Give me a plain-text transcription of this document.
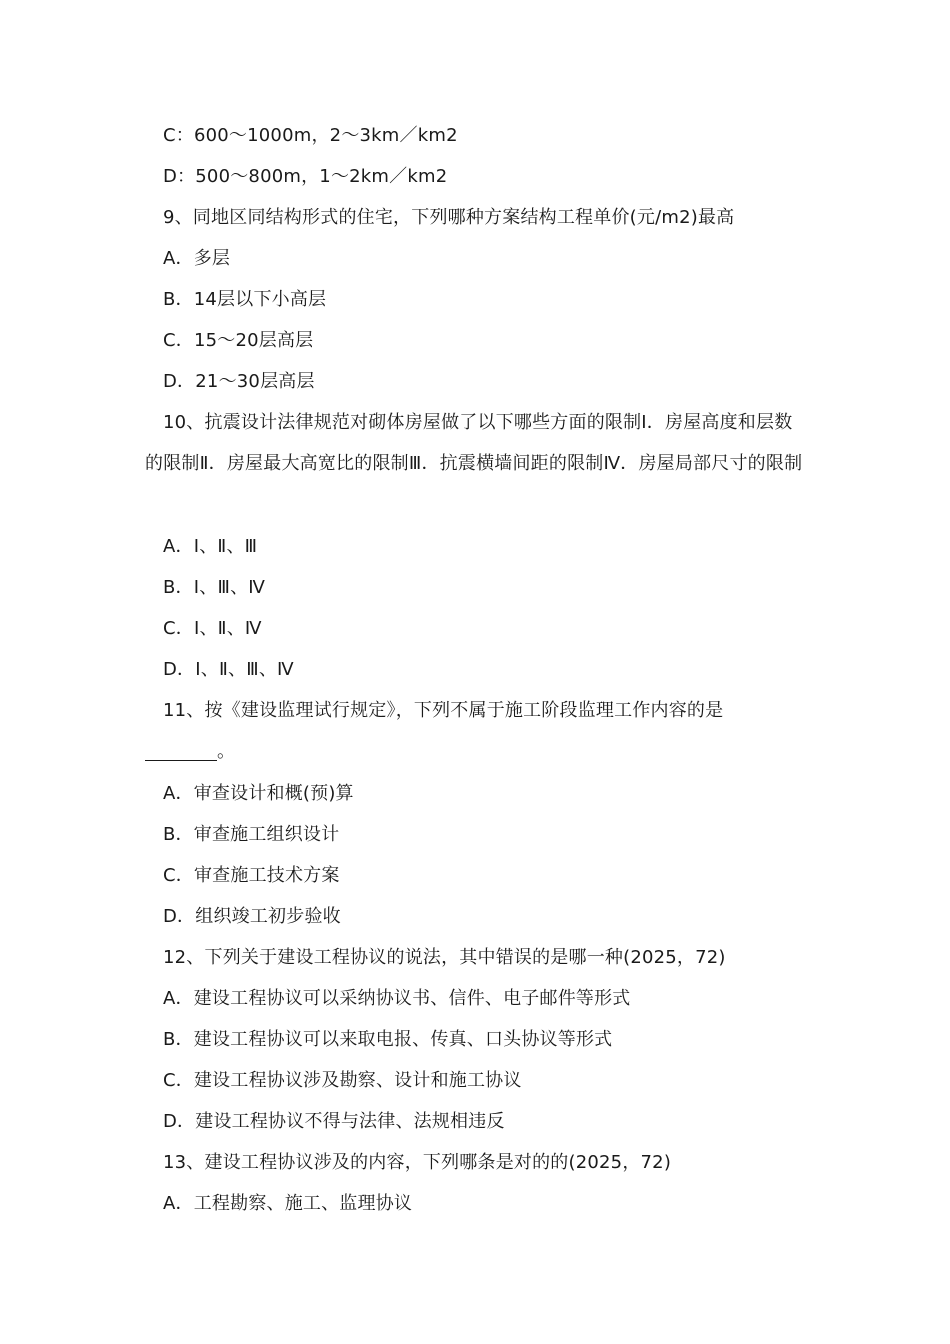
C：600～1000m，2～3km／km2
D：500～800m，1～2km／km2
9、同地区同结构形式的住宅，下列哪种方案结构工程单价(元/m2)最高
A．多层
B．14层以下小高层
C．15～20层高层
D．21～30层高层
10、抗震设计法律规范对砌体房屋做了以下哪些方面的限制Ⅰ．房屋高度和层数的限制Ⅱ．房屋最大高宽比的限制Ⅲ．抗震横墙间距的限制Ⅳ．房屋局部尺寸的限制
A．Ⅰ、Ⅱ、Ⅲ
B．Ⅰ、Ⅲ、Ⅳ
C．Ⅰ、Ⅱ、Ⅳ
D．Ⅰ、Ⅱ、Ⅲ、Ⅳ
11、按《建设监理试行规定》，下列不属于施工阶段监理工作内容的是
。
A．审查设计和概(预)算
B．审查施工组织设计
C．审查施工技术方案
D．组织竣工初步验收
12、下列关于建设工程协议的说法，其中错误的是哪一种(2025，72)
A．建设工程协议可以采纳协议书、信件、电子邮件等形式
B．建设工程协议可以来取电报、传真、口头协议等形式
C．建设工程协议涉及勘察、设计和施工协议
D．建设工程协议不得与法律、法规相违反
13、建设工程协议涉及的内容，下列哪条是对的的(2025，72)
A．工程勘察、施工、监理协议
